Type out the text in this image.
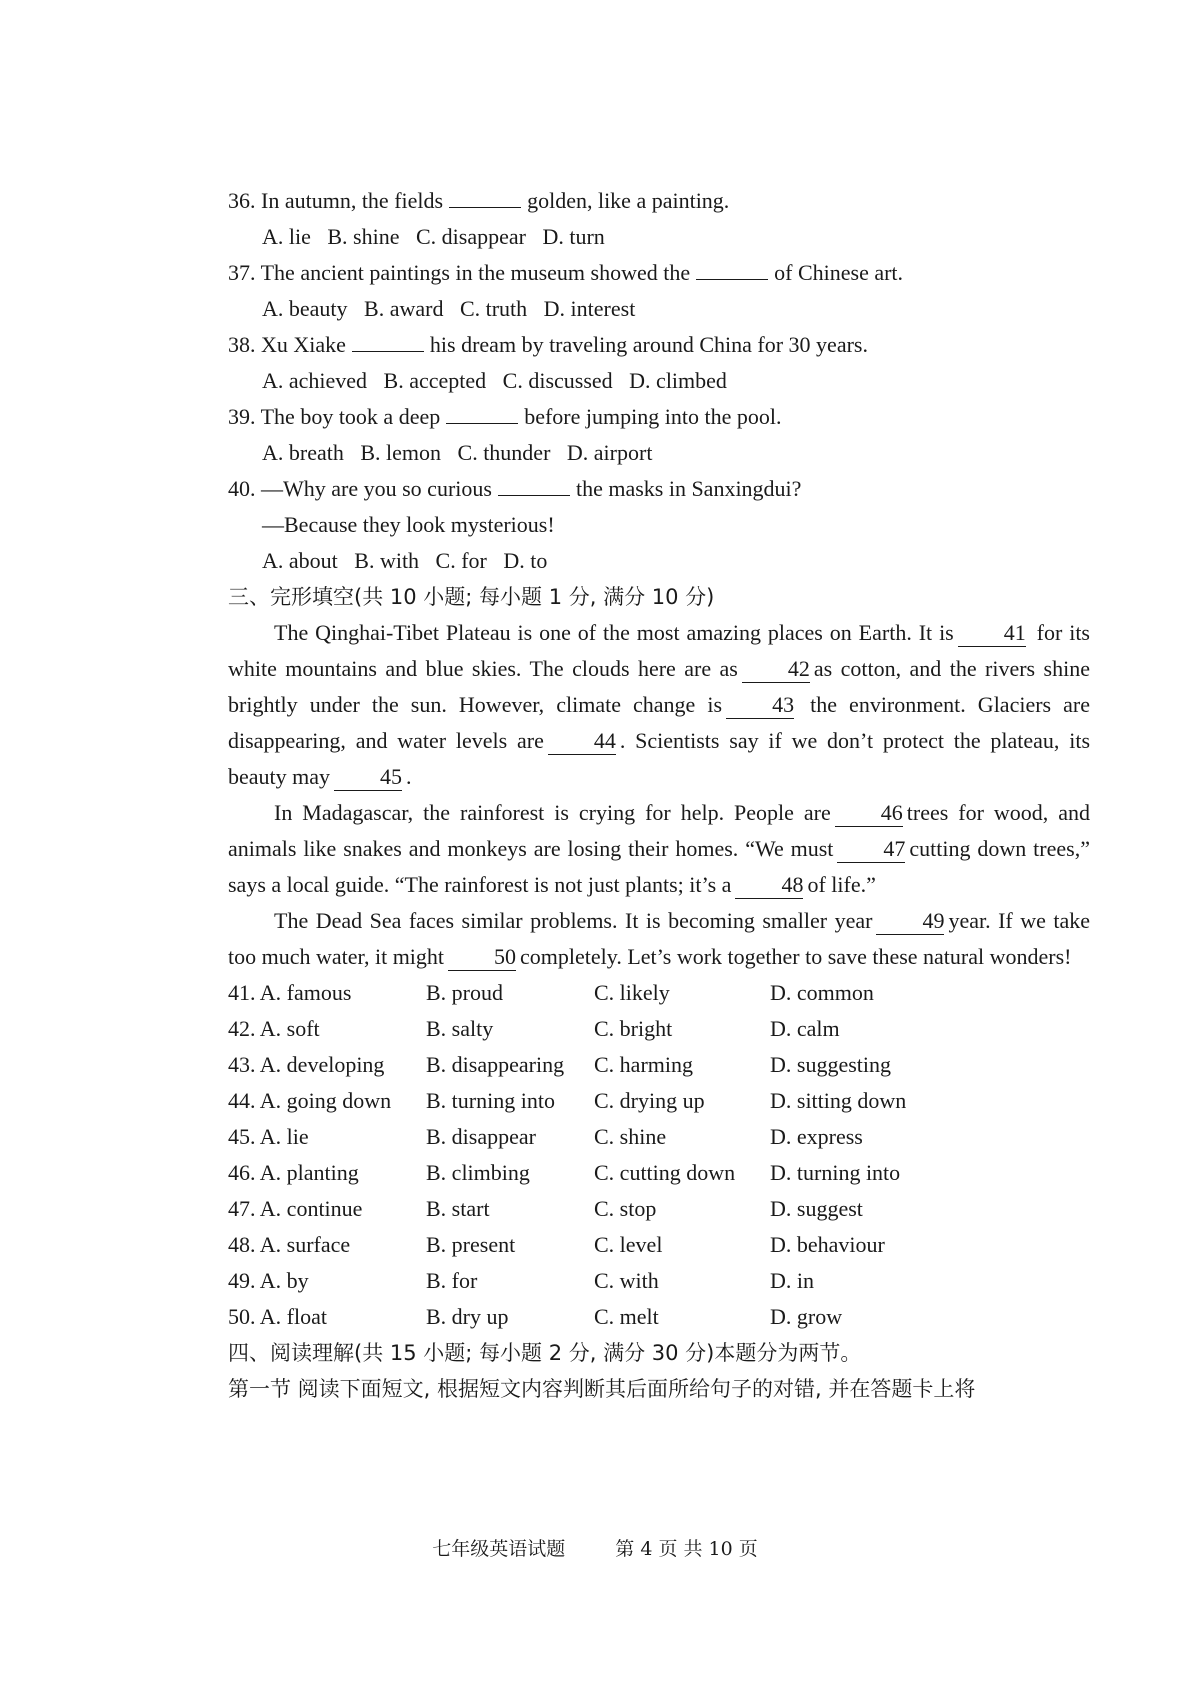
36. In autumn, the fields	golden, like a painting.
A. lie   B. shine   C. disappear   D. turn
37. The ancient paintings in the museum showed the	of Chinese art.
A. beauty   B. award   C. truth   D. interest
38. Xu Xiake	his dream by traveling around China for 30 years.
A. achieved   B. accepted   C. discussed   D. climbed
39. The boy took a deep	before jumping into the pool.
A. breath   B. lemon   C. thunder   D. airport
40. —Why are you so curious	the masks in Sanxingdui?
—Because they look mysterious!
A. about   B. with   C. for   D. to
三、完形填空(共 10 小题; 每小题 1 分, 满分 10 分)
The Qinghai-Tibet Plateau is one of the most amazing places on Earth. It is 41 for its white mountains and blue skies. The clouds here are as 42 as cotton, and the rivers shine brightly under the sun. However, climate change is 43 the environment. Glaciers are disappearing, and water levels are 44 . Scientists say if we don’t protect the plateau, its beauty may 45 .
In Madagascar, the rainforest is crying for help. People are 46 trees for wood, and animals like snakes and monkeys are losing their homes. “We must 47 cutting down trees,” says a local guide. “The rainforest is not just plants; it’s a 48 of life.”
The Dead Sea faces similar problems. It is becoming smaller year 49 year. If we take too much water, it might 50 completely. Let’s work together to save these natural wonders!
41. A. famous	B. proud	C. likely	D. common
42. A. soft	B. salty	C. bright	D. calm
43. A. developing	B. disappearing	C. harming	D. suggesting
44. A. going down	B. turning into	C. drying up	D. sitting down
45. A. lie	B. disappear	C. shine	D. express
46. A. planting	B. climbing	C. cutting down	D. turning into
47. A. continue	B. start	C. stop	D. suggest
48. A. surface	B. present	C. level	D. behaviour
49. A. by	B. for	C. with	D. in
50. A. float	B. dry up	C. melt	D. grow
四、阅读理解(共 15 小题; 每小题 2 分, 满分 30 分)本题分为两节。
第一节 阅读下面短文, 根据短文内容判断其后面所给句子的对错, 并在答题卡上将
七年级英语试题	第 4 页 共 10 页
